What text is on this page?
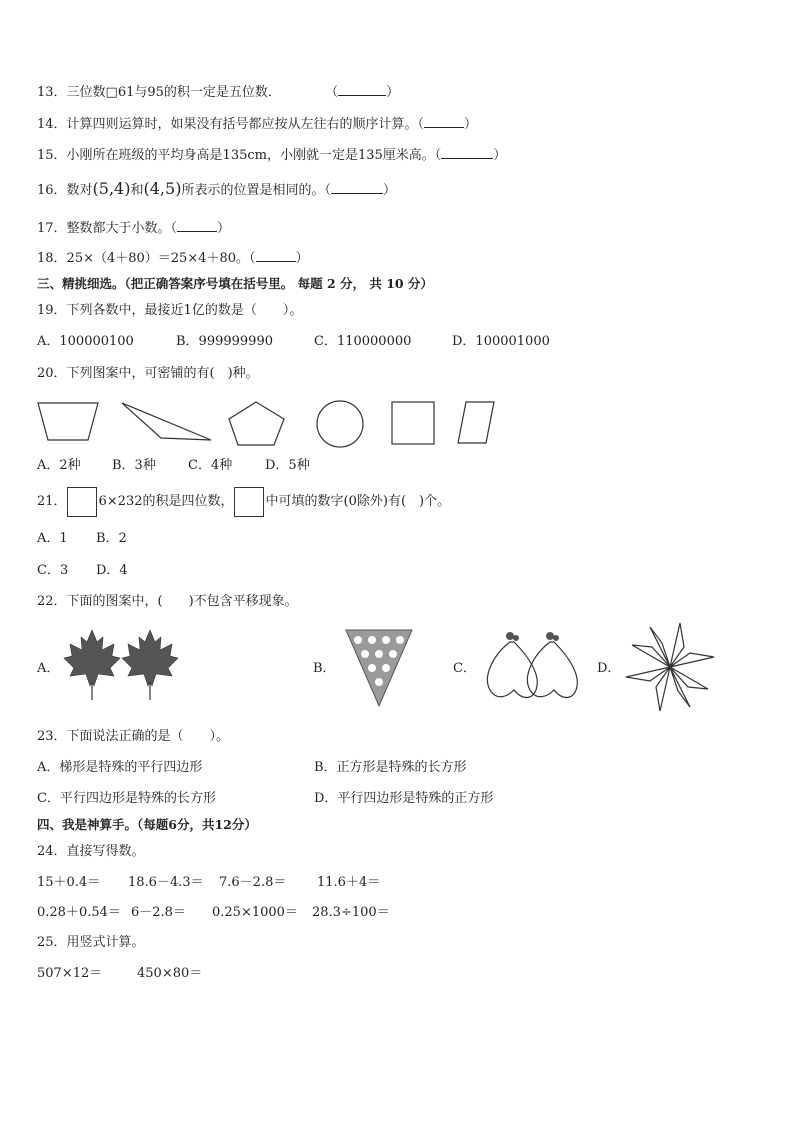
13．三位数□61与95的积一定是五位数．	（	）
14．计算四则运算时，如果没有括号都应按从左往右的顺序计算。（	）
15．小刚所在班级的平均身高是135cm，小刚就一定是135厘米高。（	）
16．数对(5,4)和(4,5)所表示的位置是相同的。（	）
17．整数都大于小数。（	）
18．25×（4＋80）＝25×4＋80。（	）
三、精挑细选。（把正确答案序号填在括号里。 每题 2 分， 共 10 分）
19．下列各数中，最接近1亿的数是（　　）。
A．100000100	B．999999990	C．110000000	D．100001000
20．下列图案中，可密铺的有(　)种。
A．2种 B．3种 C．4种	D．5种
21． 6×232的积是四位数， 中可填的数字(0除外)有(　)个。
A．1 B．2
C．3 D．4
22．下面的图案中，(　　)不包含平移现象。
A．	B．	C．	D．
23．下面说法正确的是（　　）。
A．梯形是特殊的平行四边形	B．正方形是特殊的长方形
C．平行四边形是特殊的长方形	D．平行四边形是特殊的正方形
四、我是神算手。（每题6分，共12分）
24．直接写得数。
15＋0.4＝ 18.6－4.3＝ 7.6－2.8＝ 11.6＋4＝
0.28＋0.54＝ 6－2.8＝ 0.25×1000＝ 28.3÷100＝
25．用竖式计算。
507×12＝	450×80＝
